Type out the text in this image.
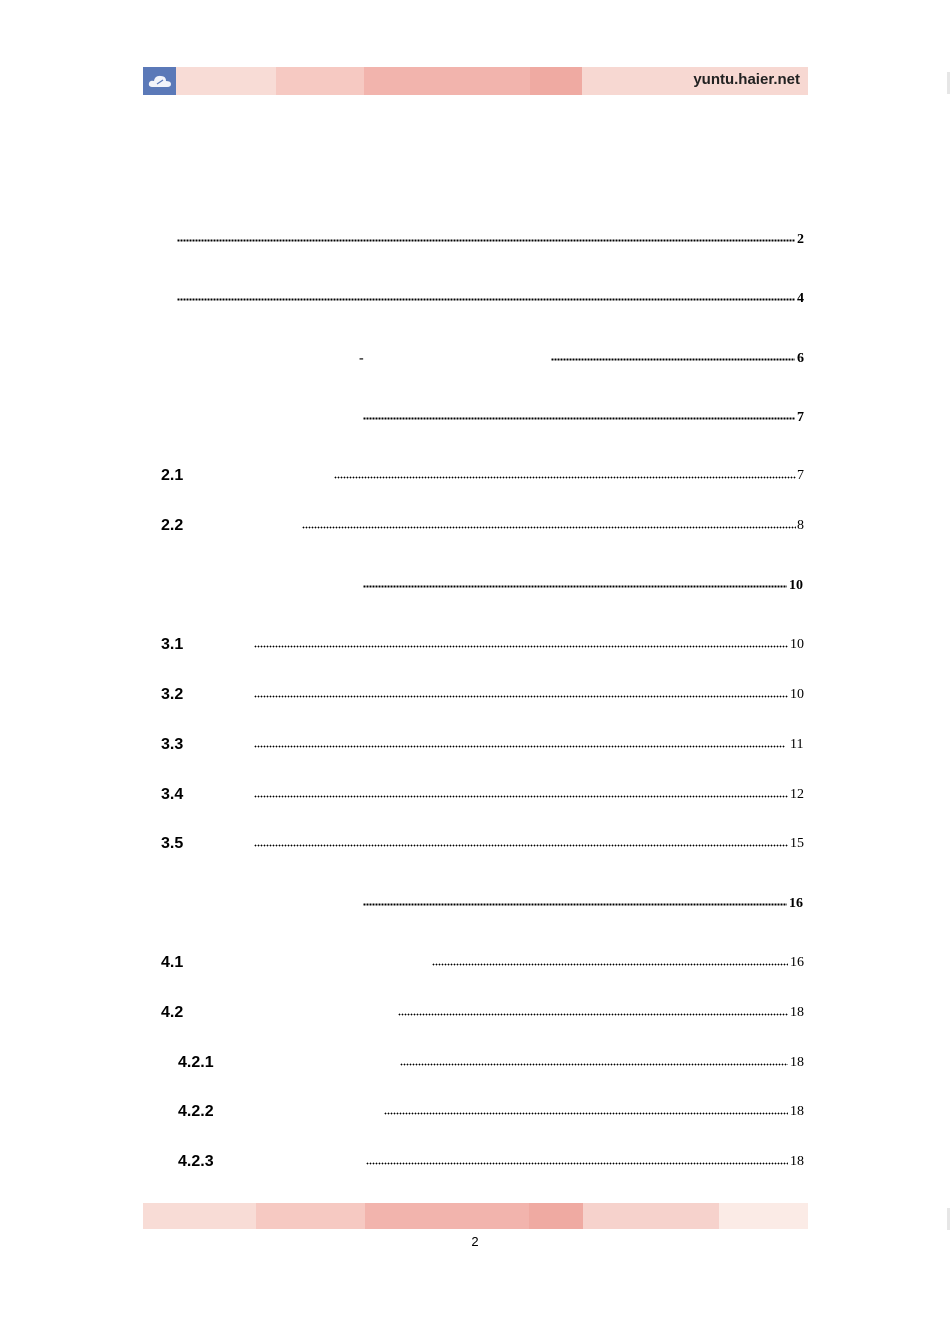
yuntu.haier.net
2
4
-	6
7
2.1	7
2.2	8
10
3.1	10
3.2	10
3.3	11
3.4	12
3.5	15
16
4.1	16
4.2	18
4.2.1	18
4.2.2	18
4.2.3	18
2
